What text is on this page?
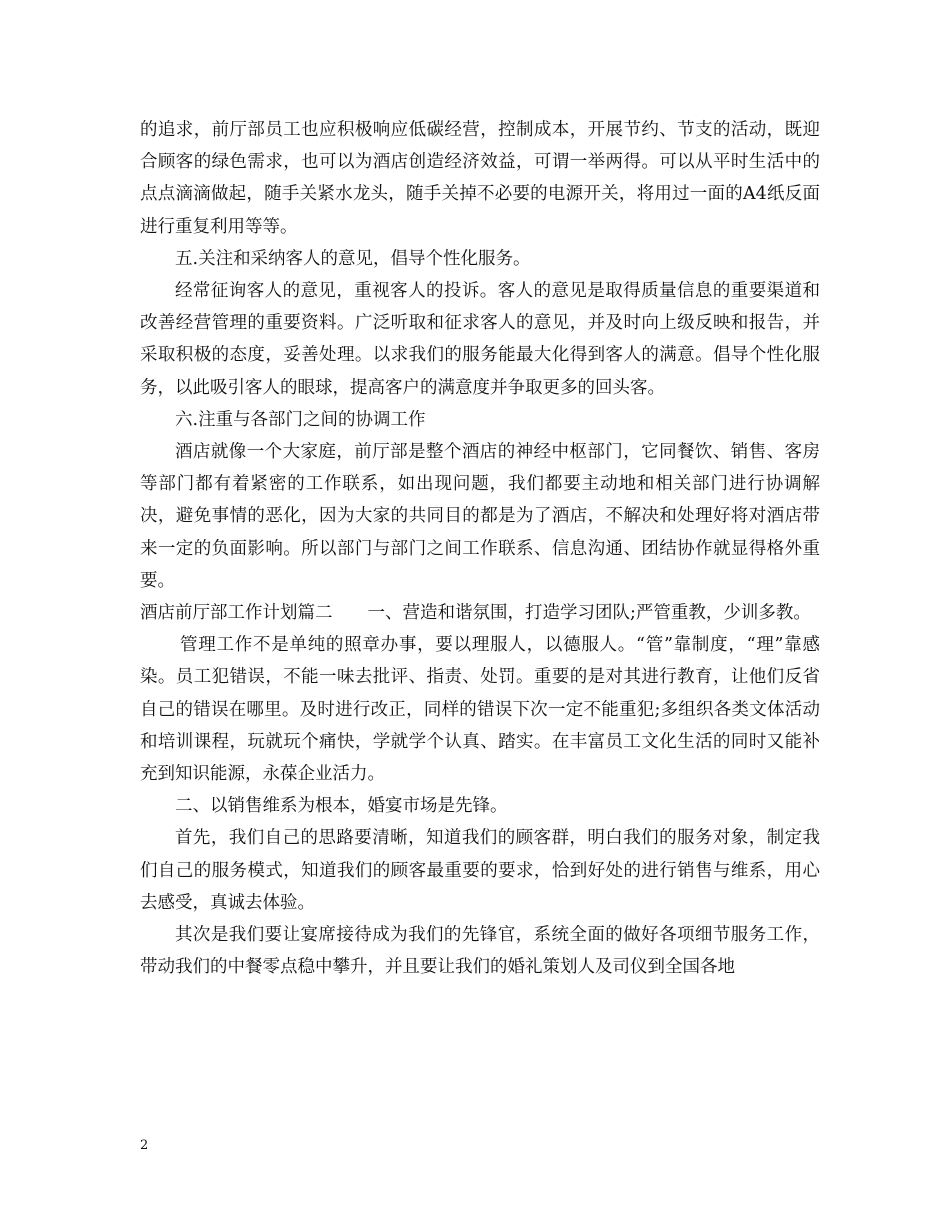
的追求，前厅部员工也应积极响应低碳经营，控制成本，开展节约、节支的活动，既迎合顾客的绿色需求，也可以为酒店创造经济效益，可谓一举两得。可以从平时生活中的点点滴滴做起，随手关紧水龙头，随手关掉不必要的电源开关，将用过一面的A4纸反面进行重复利用等等。

五.关注和采纳客人的意见，倡导个性化服务。

经常征询客人的意见，重视客人的投诉。客人的意见是取得质量信息的重要渠道和改善经营管理的重要资料。广泛听取和征求客人的意见，并及时向上级反映和报告，并采取积极的态度，妥善处理。以求我们的服务能最大化得到客人的满意。倡导个性化服务，以此吸引客人的眼球，提高客户的满意度并争取更多的回头客。

六.注重与各部门之间的协调工作

酒店就像一个大家庭，前厅部是整个酒店的神经中枢部门，它同餐饮、销售、客房等部门都有着紧密的工作联系，如出现问题，我们都要主动地和相关部门进行协调解决，避免事情的恶化，因为大家的共同目的都是为了酒店，不解决和处理好将对酒店带来一定的负面影响。所以部门与部门之间工作联系、信息沟通、团结协作就显得格外重要。

酒店前厅部工作计划篇二　　一、营造和谐氛围，打造学习团队;严管重教，少训多教。

管理工作不是单纯的照章办事，要以理服人，以德服人。“管”靠制度，“理”靠感染。员工犯错误，不能一味去批评、指责、处罚。重要的是对其进行教育，让他们反省自己的错误在哪里。及时进行改正，同样的错误下次一定不能重犯;多组织各类文体活动和培训课程，玩就玩个痛快，学就学个认真、踏实。在丰富员工文化生活的同时又能补充到知识能源，永葆企业活力。

二、以销售维系为根本，婚宴市场是先锋。

首先，我们自己的思路要清晰，知道我们的顾客群，明白我们的服务对象，制定我们自己的服务模式，知道我们的顾客最重要的要求，恰到好处的进行销售与维系，用心去感受，真诚去体验。

其次是我们要让宴席接待成为我们的先锋官，系统全面的做好各项细节服务工作，带动我们的中餐零点稳中攀升，并且要让我们的婚礼策划人及司仪到全国各地

2
